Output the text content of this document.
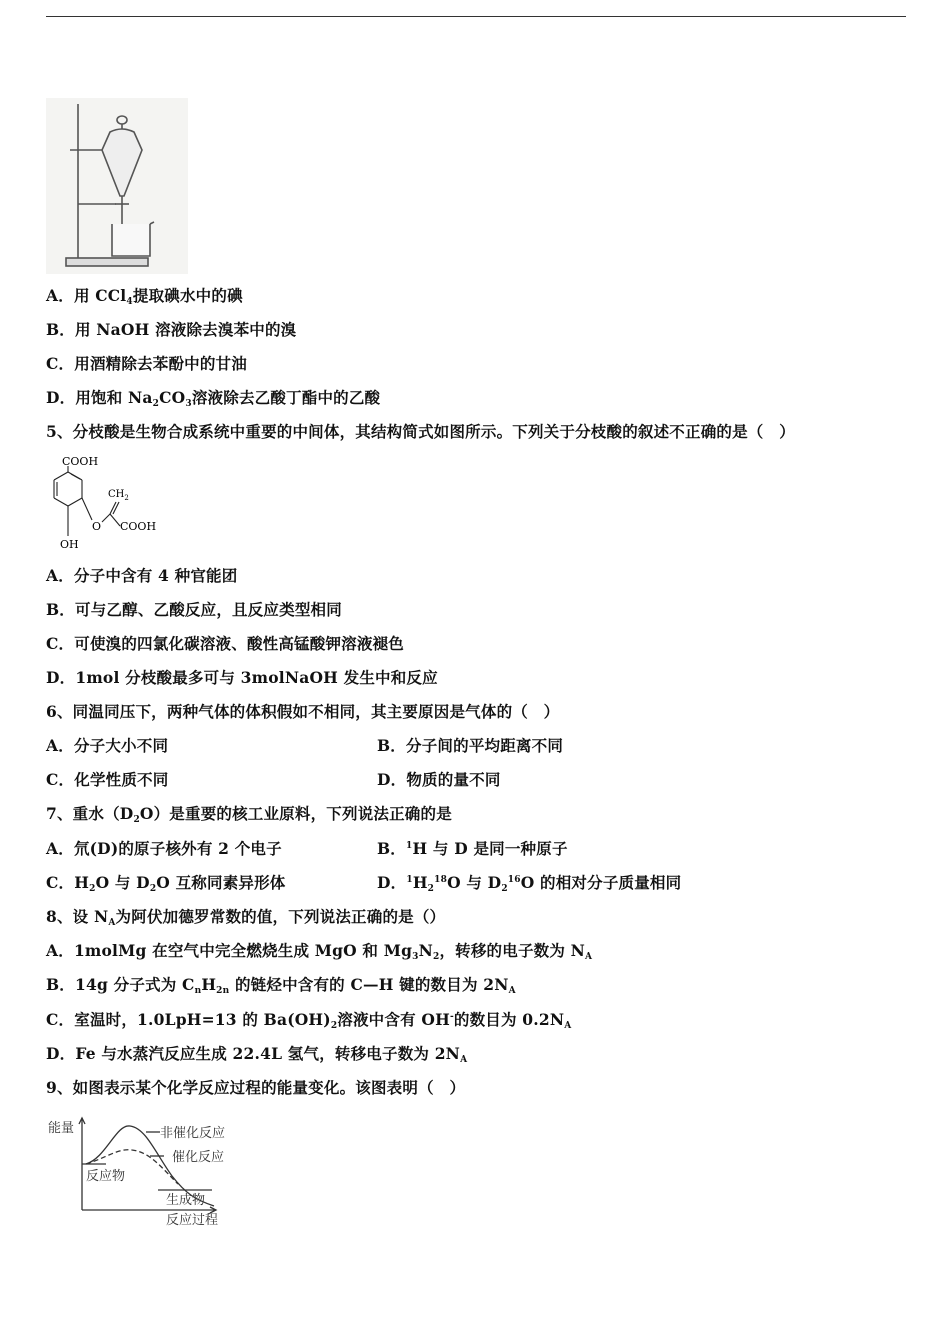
A．用 CCl$_4$提取碘水中的碘
B．用 NaOH 溶液除去溴苯中的溴
C．用酒精除去苯酚中的甘油
D．用饱和 $Na_2CO_3$溶液除去乙酸丁酯中的乙酸
5、分枝酸是生物合成系统中重要的中间体，其结构简式如图所示。下列关于分枝酸的叙述不正确的是（　）
COOH
$CH_2$
O COOH
OH
A．分子中含有 4 种官能团
B．可与乙醇、乙酸反应，且反应类型相同
C．可使溴的四氯化碳溶液、酸性高锰酸钾溶液褪色
D．1mol 分枝酸最多可与 3molNaOH 发生中和反应
6、同温同压下，两种气体的体积假如不相同，其主要原因是气体的（　）
A．分子大小不同	B．分子间的平均距离不同
C．化学性质不同	D．物质的量不同
7、重水$(D_2O)$是重要的核工业原料，下列说法正确的是
A．氘(D)的原子核外有 2 个电子	B．$^1$H 与 D 是同一种原子
C．$H_2O$ 与 $D_2O$ 互称同素异形体	D．$^1H_2^{18}O$ 与 $D_2^{16}O$ 的相对分子质量相同
8、设 $N_A$为阿伏加德罗常数的值，下列说法正确的是（）
A．1molMg 在空气中完全燃烧生成 MgO 和 $Mg_3N_2$，转移的电子数为 $N_A$
B．14g 分子式为 $C_nH_{2n}$ 的链烃中含有的 C—H 键的数目为 $2N_A$
C．室温时，1.0LpH=13 的 $Ba(OH)_2$溶液中含有 OH-的数目为 $0.2N_A$
D．Fe 与水蒸汽反应生成 22.4L 氢气，转移电子数为 $2N_A$
9、如图表示某个化学反应过程的能量变化。该图表明（　）
能量	非催化反应
催化反应
反应物
生成物
反应过程
